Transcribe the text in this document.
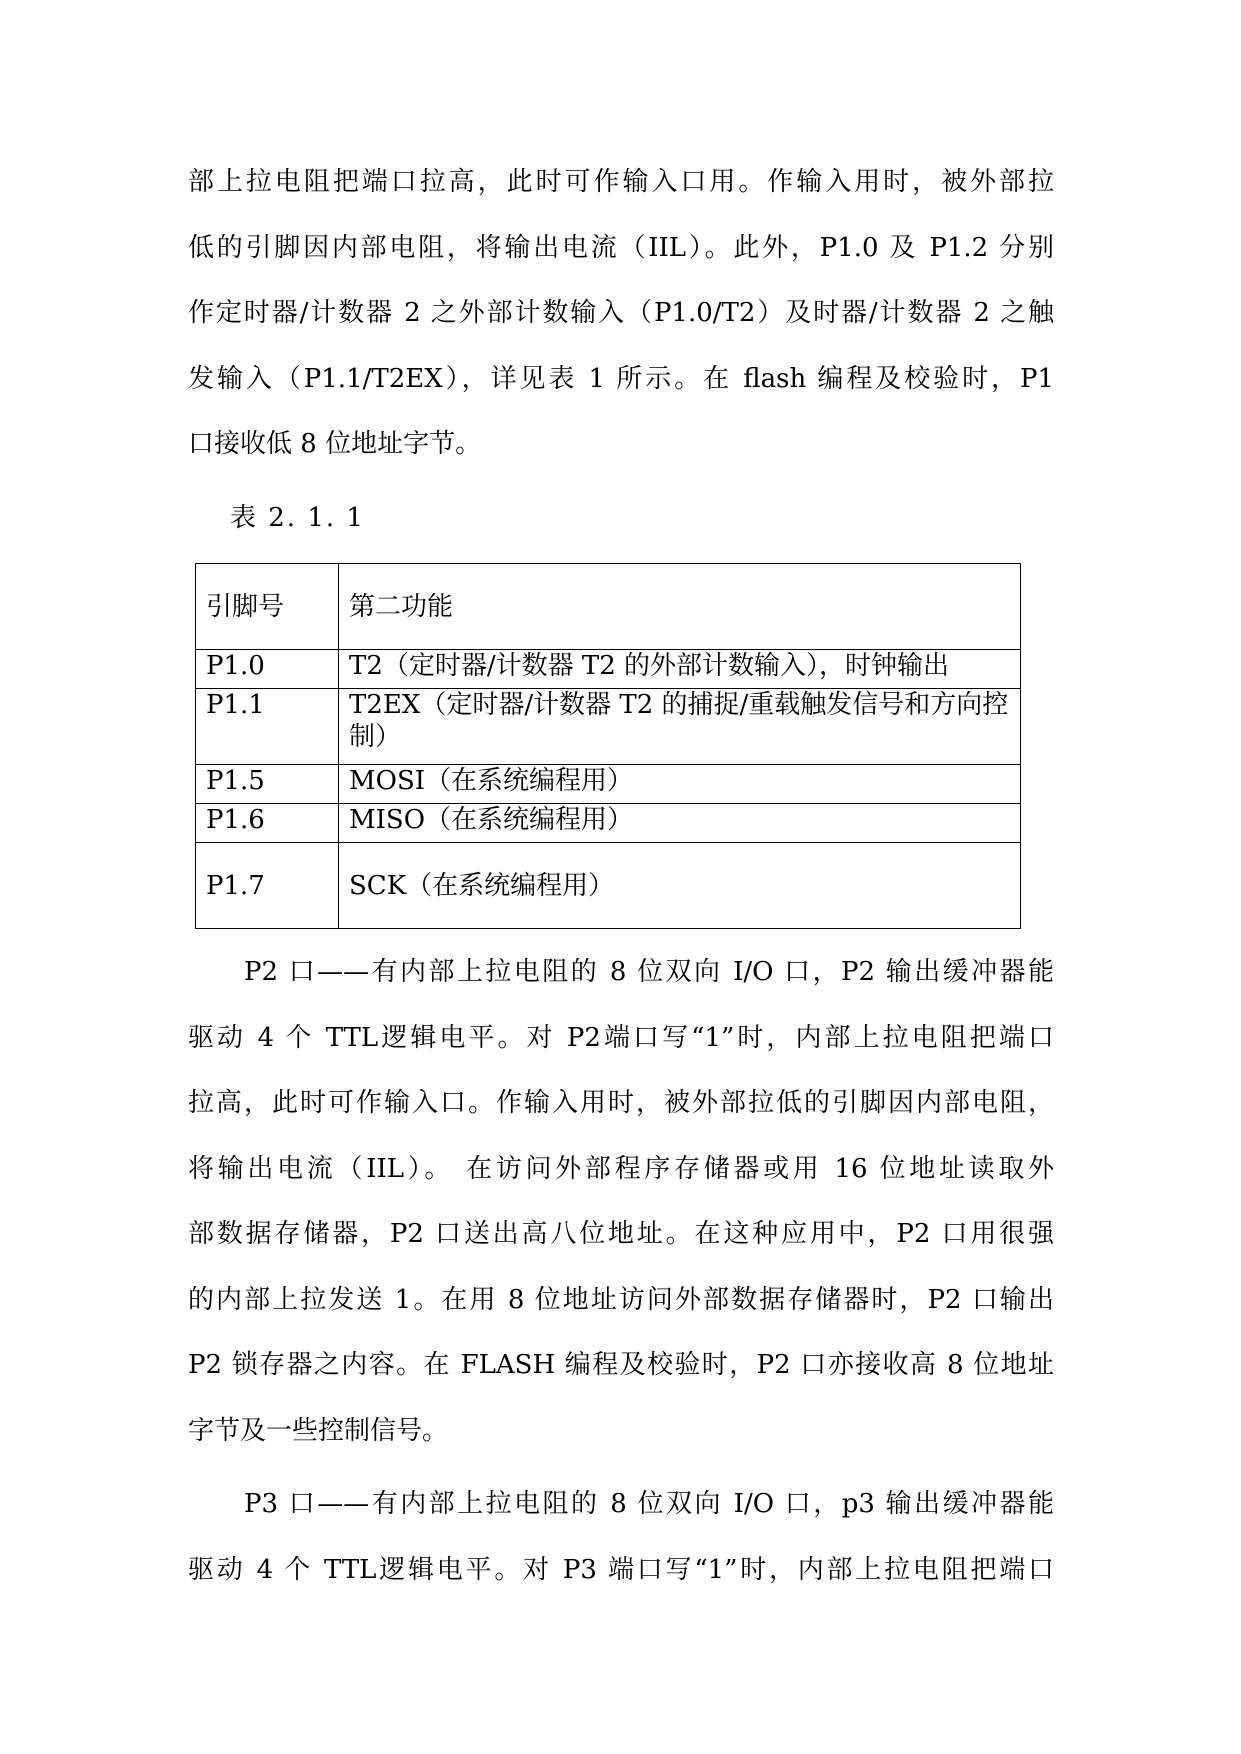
部上拉电阻把端口拉高，此时可作输入口用。作输入用时，被外部拉
低的引脚因内部电阻，将输出电流（IIL）。此外，P1.0 及 P1.2 分别
作定时器/计数器 2 之外部计数输入（P1.0/T2）及时器/计数器 2 之触
发输入（P1.1/T2EX），详见表 1 所示。在 flash 编程及校验时，P1
口接收低 8 位地址字节。
表 2. 1. 1
引脚号	第二功能
P1.0	T2（定时器/计数器 T2 的外部计数输入），时钟输出
P1.1	T2EX（定时器/计数器 T2 的捕捉/重载触发信号和方向控制）
P1.5	MOSI（在系统编程用）
P1.6	MISO（在系统编程用）
P1.7	SCK（在系统编程用）
P2 口——有内部上拉电阻的 8 位双向 I/O 口，P2 输出缓冲器能
驱动 4 个 TTL逻辑电平。对 P2端口写“1”时，内部上拉电阻把端口
拉高，此时可作输入口。作输入用时，被外部拉低的引脚因内部电阻，
将输出电流（IIL）。 在访问外部程序存储器或用 16 位地址读取外
部数据存储器，P2 口送出高八位地址。在这种应用中，P2 口用很强
的内部上拉发送 1。在用 8 位地址访问外部数据存储器时，P2 口输出
P2 锁存器之内容。在 FLASH 编程及校验时，P2 口亦接收高 8 位地址
字节及一些控制信号。
P3 口——有内部上拉电阻的 8 位双向 I/O 口，p3 输出缓冲器能
驱动 4 个 TTL逻辑电平。对 P3 端口写“1”时，内部上拉电阻把端口
